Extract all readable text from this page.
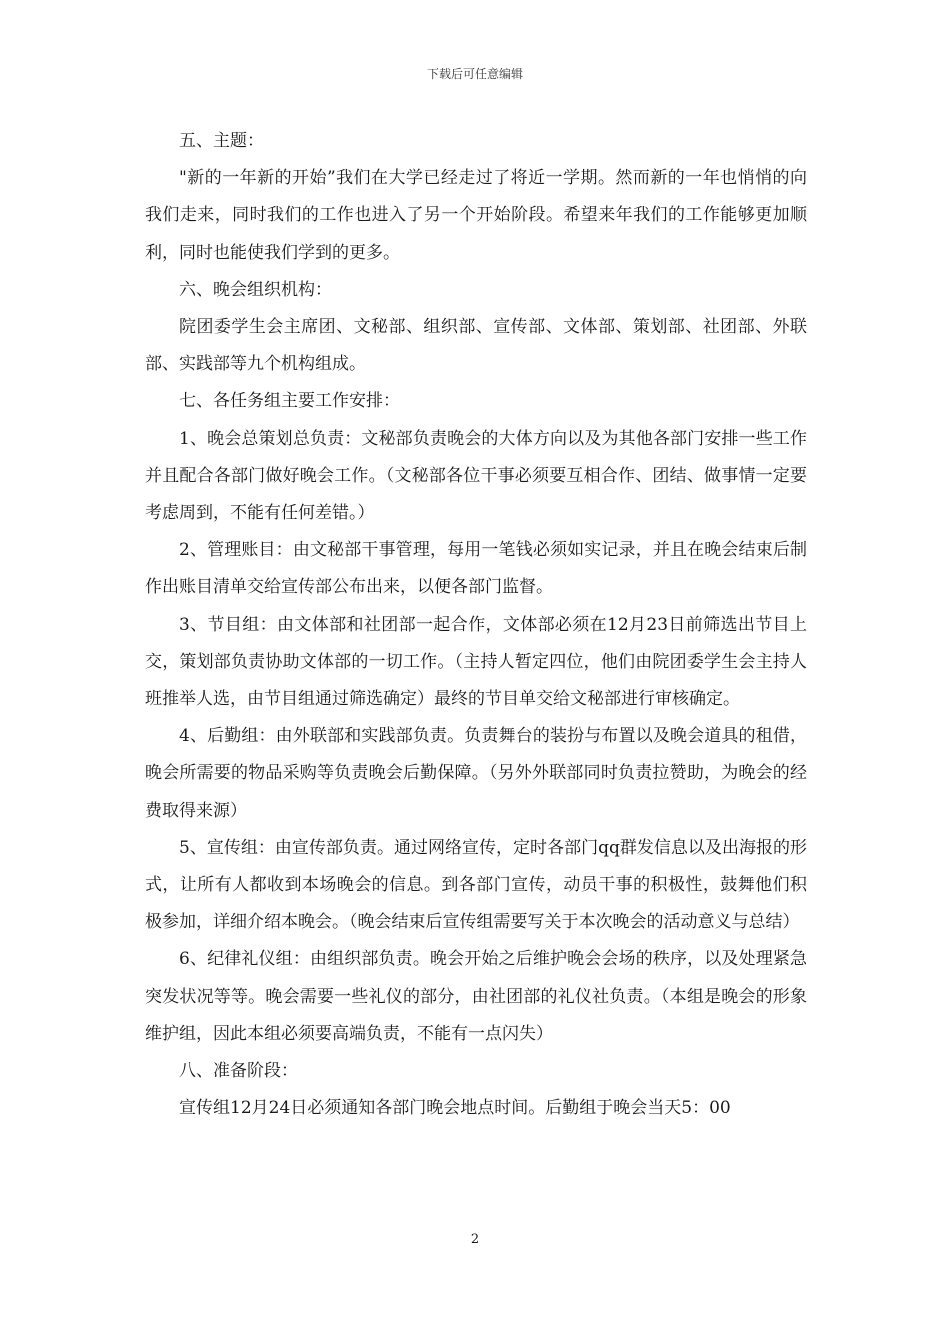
下载后可任意编辑

五、主题：

"新的一年新的开始”我们在大学已经走过了将近一学期。然而新的一年也悄悄的向我们走来，同时我们的工作也进入了另一个开始阶段。希望来年我们的工作能够更加顺利，同时也能使我们学到的更多。

六、晚会组织机构：

院团委学生会主席团、文秘部、组织部、宣传部、文体部、策划部、社团部、外联部、实践部等九个机构组成。

七、各任务组主要工作安排：

1、晚会总策划总负责：文秘部负责晚会的大体方向以及为其他各部门安排一些工作并且配合各部门做好晚会工作。（文秘部各位干事必须要互相合作、团结、做事情一定要考虑周到，不能有任何差错。）

2、管理账目：由文秘部干事管理，每用一笔钱必须如实记录，并且在晚会结束后制作出账目清单交给宣传部公布出来，以便各部门监督。

3、节目组：由文体部和社团部一起合作，文体部必须在12月23日前筛选出节目上交，策划部负责协助文体部的一切工作。（主持人暂定四位，他们由院团委学生会主持人班推举人选，由节目组通过筛选确定）最终的节目单交给文秘部进行审核确定。

4、后勤组：由外联部和实践部负责。负责舞台的装扮与布置以及晚会道具的租借，晚会所需要的物品采购等负责晚会后勤保障。（另外外联部同时负责拉赞助，为晚会的经费取得来源）

5、宣传组：由宣传部负责。通过网络宣传，定时各部门qq群发信息以及出海报的形式，让所有人都收到本场晚会的信息。到各部门宣传，动员干事的积极性，鼓舞他们积极参加，详细介绍本晚会。（晚会结束后宣传组需要写关于本次晚会的活动意义与总结）

6、纪律礼仪组：由组织部负责。晚会开始之后维护晚会会场的秩序，以及处理紧急突发状况等等。晚会需要一些礼仪的部分，由社团部的礼仪社负责。（本组是晚会的形象维护组，因此本组必须要高端负责，不能有一点闪失）

八、准备阶段：

宣传组12月24日必须通知各部门晚会地点时间。后勤组于晚会当天5：00

2
